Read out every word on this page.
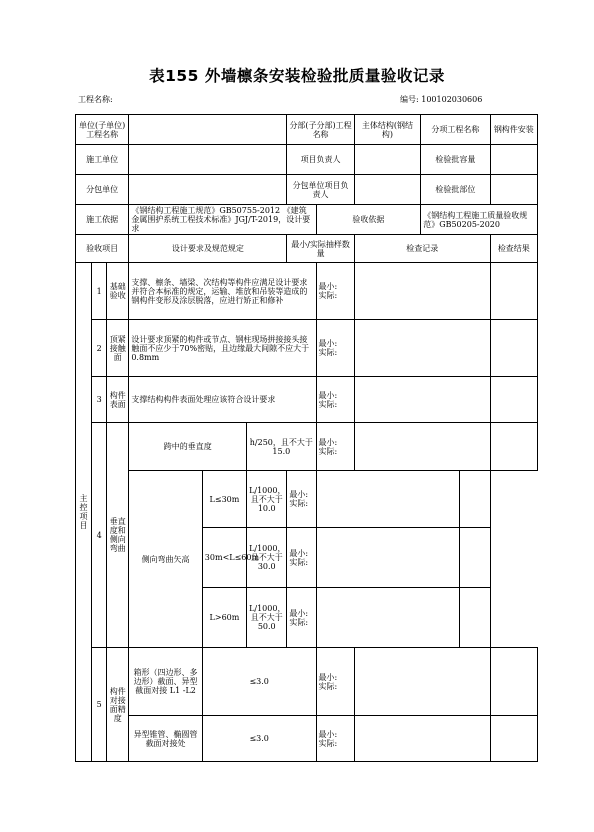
表155 外墙檩条安装检验批质量验收记录
工程名称:	编号: 100102030606
单位(子单位)工程名称						分部(子分部)工程名称		主体结构(钢结构)	分项工程名称		钢构件安装
施工单位						项目负责人			检验批容量		
分包单位						分包单位项目负责人			检验批部位		
施工依据			《钢结构工程施工规范》GB50755-2012 《建筑金属围护系统工程技术标准》JGJ/T-2019，设计要求				验收依据		《钢结构工程施工质量验收规范》GB50205-2020		
验收项目			设计要求及规范规定			最小/实际抽样数量		检查记录			检查结果
主控项目	1	基础验收	支撑、檩条、墙梁、次结构等构件应满足设计要求并符合本标准的规定，运输、堆放和吊装等造成的钢构件变形及涂层脱落，应进行矫正和修补				最小:
实际:				

	2	顶紧接触面	设计要求顶紧的构件或节点、钢柱现场拼接接头接触面不应少于70%密贴，且边缘最大间隙不应大于0.8mm				最小:
实际:				

	3	构件表面	支撑结构构件表面处理应该符合设计要求				最小:
实际:				

	4	垂直度和侧向弯曲	跨中的垂直度		h/250，且不大于15.0		最小:
实际:				

			侧向弯曲矢高	L≤30m	L/1000，且不大于10.0	最小:
实际:					

				30m<L≤60m	L/1000，且不大于30.0	最小:
实际:					

				L>60m	L/1000，且不大于50.0	最小:
实际:					

	5	构件对接面精度	箱形（四边形、多边形）截面、异型截面对接 L1 -L2	≤3.0			最小:
实际:				

			异型锥管、椭圆管截面对接处	≤3.0			最小:
实际:				
